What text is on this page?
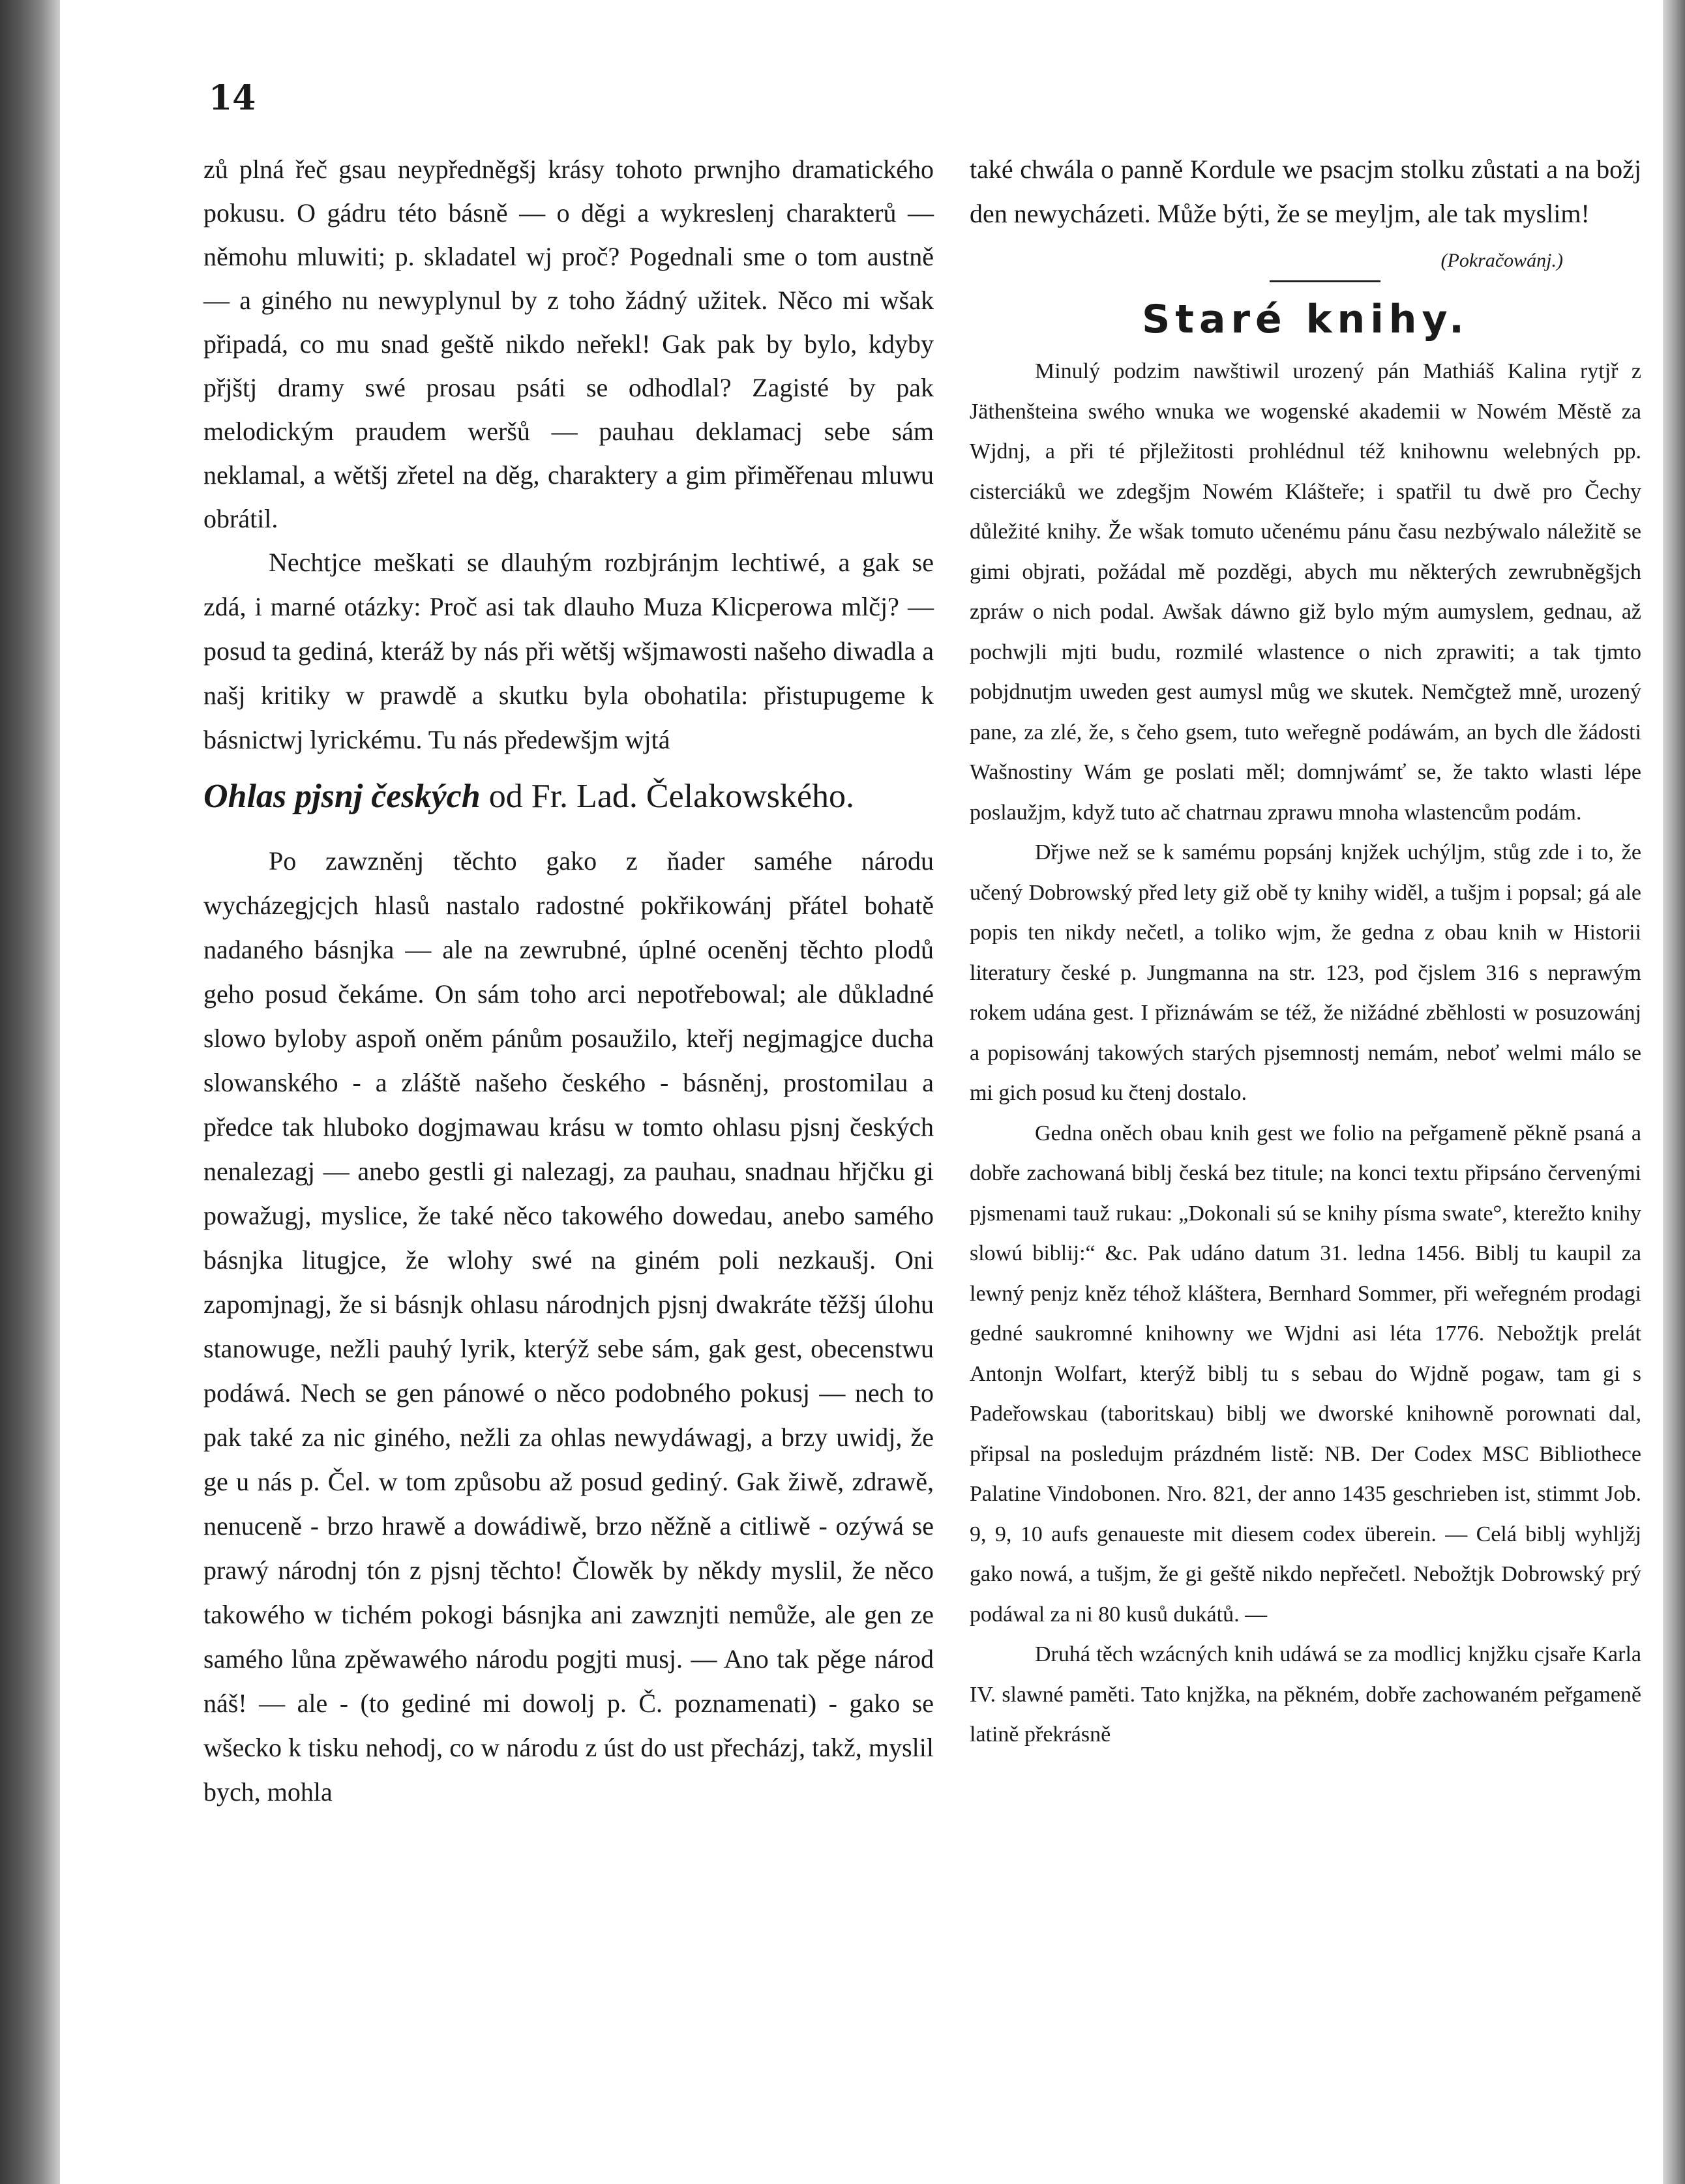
14

zů plná řeč gsau neypředněgšj krásy tohoto prwnjho dramatického pokusu. O gádru této básně — o děgi a wykreslenj charakterů — němohu mluwiti; p. skladatel wj proč? Pogednali sme o tom austně — a giného nu newyplynul by z toho žádný užitek. Něco mi wšak připadá, co mu snad geště nikdo neřekl! Gak pak by bylo, kdyby přjštj dramy swé prosau psáti se odhodlal? Zagisté by pak melodickým praudem weršů — pauhau deklamacj sebe sám neklamal, a wětšj zřetel na děg, charaktery a gim přiměřenau mluwu obrátil.

Nechtjce meškati se dlauhým rozbjránjm lechtiwé, a gak se zdá, i marné otázky: Proč asi tak dlauho Muza Klicperowa mlčj? — posud ta gediná, kteráž by nás při wětšj wšjmawosti našeho diwadla a našj kritiky w prawdě a skutku byla obohatila: přistupugeme k básnictwj lyrickému. Tu nás předewšjm wjtá

Ohlas pjsnj českých od Fr. Lad. Čelakowského.

Po zawzněnj těchto gako z ňader saméhe národu wycházegjcjch hlasů nastalo radostné pokřikowánj přátel bohatě nadaného básnjka — ale na zewrubné, úplné oceněnj těchto plodů geho posud čekáme. On sám toho arci nepotřebowal; ale důkladné slowo byloby aspoň oněm pánům posaužilo, kteřj negjmagjce ducha slowanského - a zláště našeho českého - básněnj, prostomilau a předce tak hluboko dogjmawau krásu w tomto ohlasu pjsnj českých nenalezagj — anebo gestli gi nalezagj, za pauhau, snadnau hřjčku gi powažugj, myslice, že také něco takowého dowedau, anebo samého básnjka litugjce, že wlohy swé na giném poli nezkaušj. Oni zapomjnagj, že si básnjk ohlasu národnjch pjsnj dwakráte těžšj úlohu stanowuge, nežli pauhý lyrik, kterýž sebe sám, gak gest, obecenstwu podáwá. Nech se gen pánowé o něco podobného pokusj — nech to pak také za nic giného, nežli za ohlas newydáwagj, a brzy uwidj, že ge u nás p. Čel. w tom způsobu až posud gediný. Gak žiwě, zdrawě, nenuceně - brzo hrawě a dowádiwě, brzo něžně a citliwě - ozýwá se prawý národnj tón z pjsnj těchto! Člowěk by někdy myslil, že něco takowého w tichém pokogi básnjka ani zawznjti nemůže, ale gen ze samého lůna zpěwawého národu pogjti musj. — Ano tak pěge národ náš! — ale - (to gediné mi dowolj p. Č. poznamenati) - gako se wšecko k tisku nehodj, co w národu z úst do ust přecházj, takž, myslil bych, mohla

také chwála o panně Kordule we psacjm stolku zůstati a na božj den newycházeti. Může býti, že se meyljm, ale tak myslim!

(Pokračowánj.)
Staré knihy.

Minulý podzim nawštiwil urozený pán Mathiáš Kalina rytjř z Jäthenšteina swého wnuka we wogenské akademii w Nowém Městě za Wjdnj, a při té přjležitosti prohlédnul též knihownu welebných pp. cisterciáků we zdegšjm Nowém Klášteře; i spatřil tu dwě pro Čechy důležité knihy. Že wšak tomuto učenému pánu času nezbýwalo náležitě se gimi objrati, požádal mě pozděgi, abych mu některých zewrubněgšjch zpráw o nich podal. Awšak dáwno giž bylo mým aumyslem, gednau, až pochwjli mjti budu, rozmilé wlastence o nich zprawiti; a tak tjmto pobjdnutjm uweden gest aumysl můg we skutek. Nemčgtež mně, urozený pane, za zlé, že, s čeho gsem, tuto weřegně podáwám, an bych dle žádosti Wašnostiny Wám ge poslati měl; domnjwámť se, že takto wlasti lépe poslaužjm, když tuto ač chatrnau zprawu mnoha wlastencům podám.

Dřjwe než se k samému popsánj knjžek uchýljm, stůg zde i to, že učený Dobrowský před lety giž obě ty knihy widěl, a tušjm i popsal; gá ale popis ten nikdy nečetl, a toliko wjm, že gedna z obau knih w Historii literatury české p. Jungmanna na str. 123, pod čjslem 316 s neprawým rokem udána gest. I přiznáwám se též, že nižádné zběhlosti w posuzowánj a popisowánj takowých starých pjsemnostj nemám, neboť welmi málo se mi gich posud ku čtenj dostalo.

Gedna oněch obau knih gest we folio na peřgameně pěkně psaná a dobře zachowaná biblj česká bez titule; na konci textu připsáno červenými pjsmenami tauž rukau: „Dokonali sú se knihy písma swate°, kterežto knihy slowú biblij:“ &c. Pak udáno datum 31. ledna 1456. Biblj tu kaupil za lewný penjz kněz téhož kláštera, Bernhard Sommer, při weřegném prodagi gedné saukromné knihowny we Wjdni asi léta 1776. Nebožtjk prelát Antonjn Wolfart, kterýž biblj tu s sebau do Wjdně pogaw, tam gi s Padeřowskau (taboritskau) biblj we dworské knihowně porownati dal, připsal na posledujm prázdném listě: NB. Der Codex MSC Bibliothece Palatine Vindobonen. Nro. 821, der anno 1435 geschrieben ist, stimmt Job. 9, 9, 10 aufs genaueste mit diesem codex überein. — Celá biblj wyhljžj gako nowá, a tušjm, že gi geště nikdo nepřečetl. Nebožtjk Dobrowský prý podáwal za ni 80 kusů dukátů. —

Druhá těch wzácných knih udáwá se za modlicj knjžku cjsaře Karla IV. slawné paměti. Tato knjžka, na pěkném, dobře zachowaném peřgameně latině překrásně
